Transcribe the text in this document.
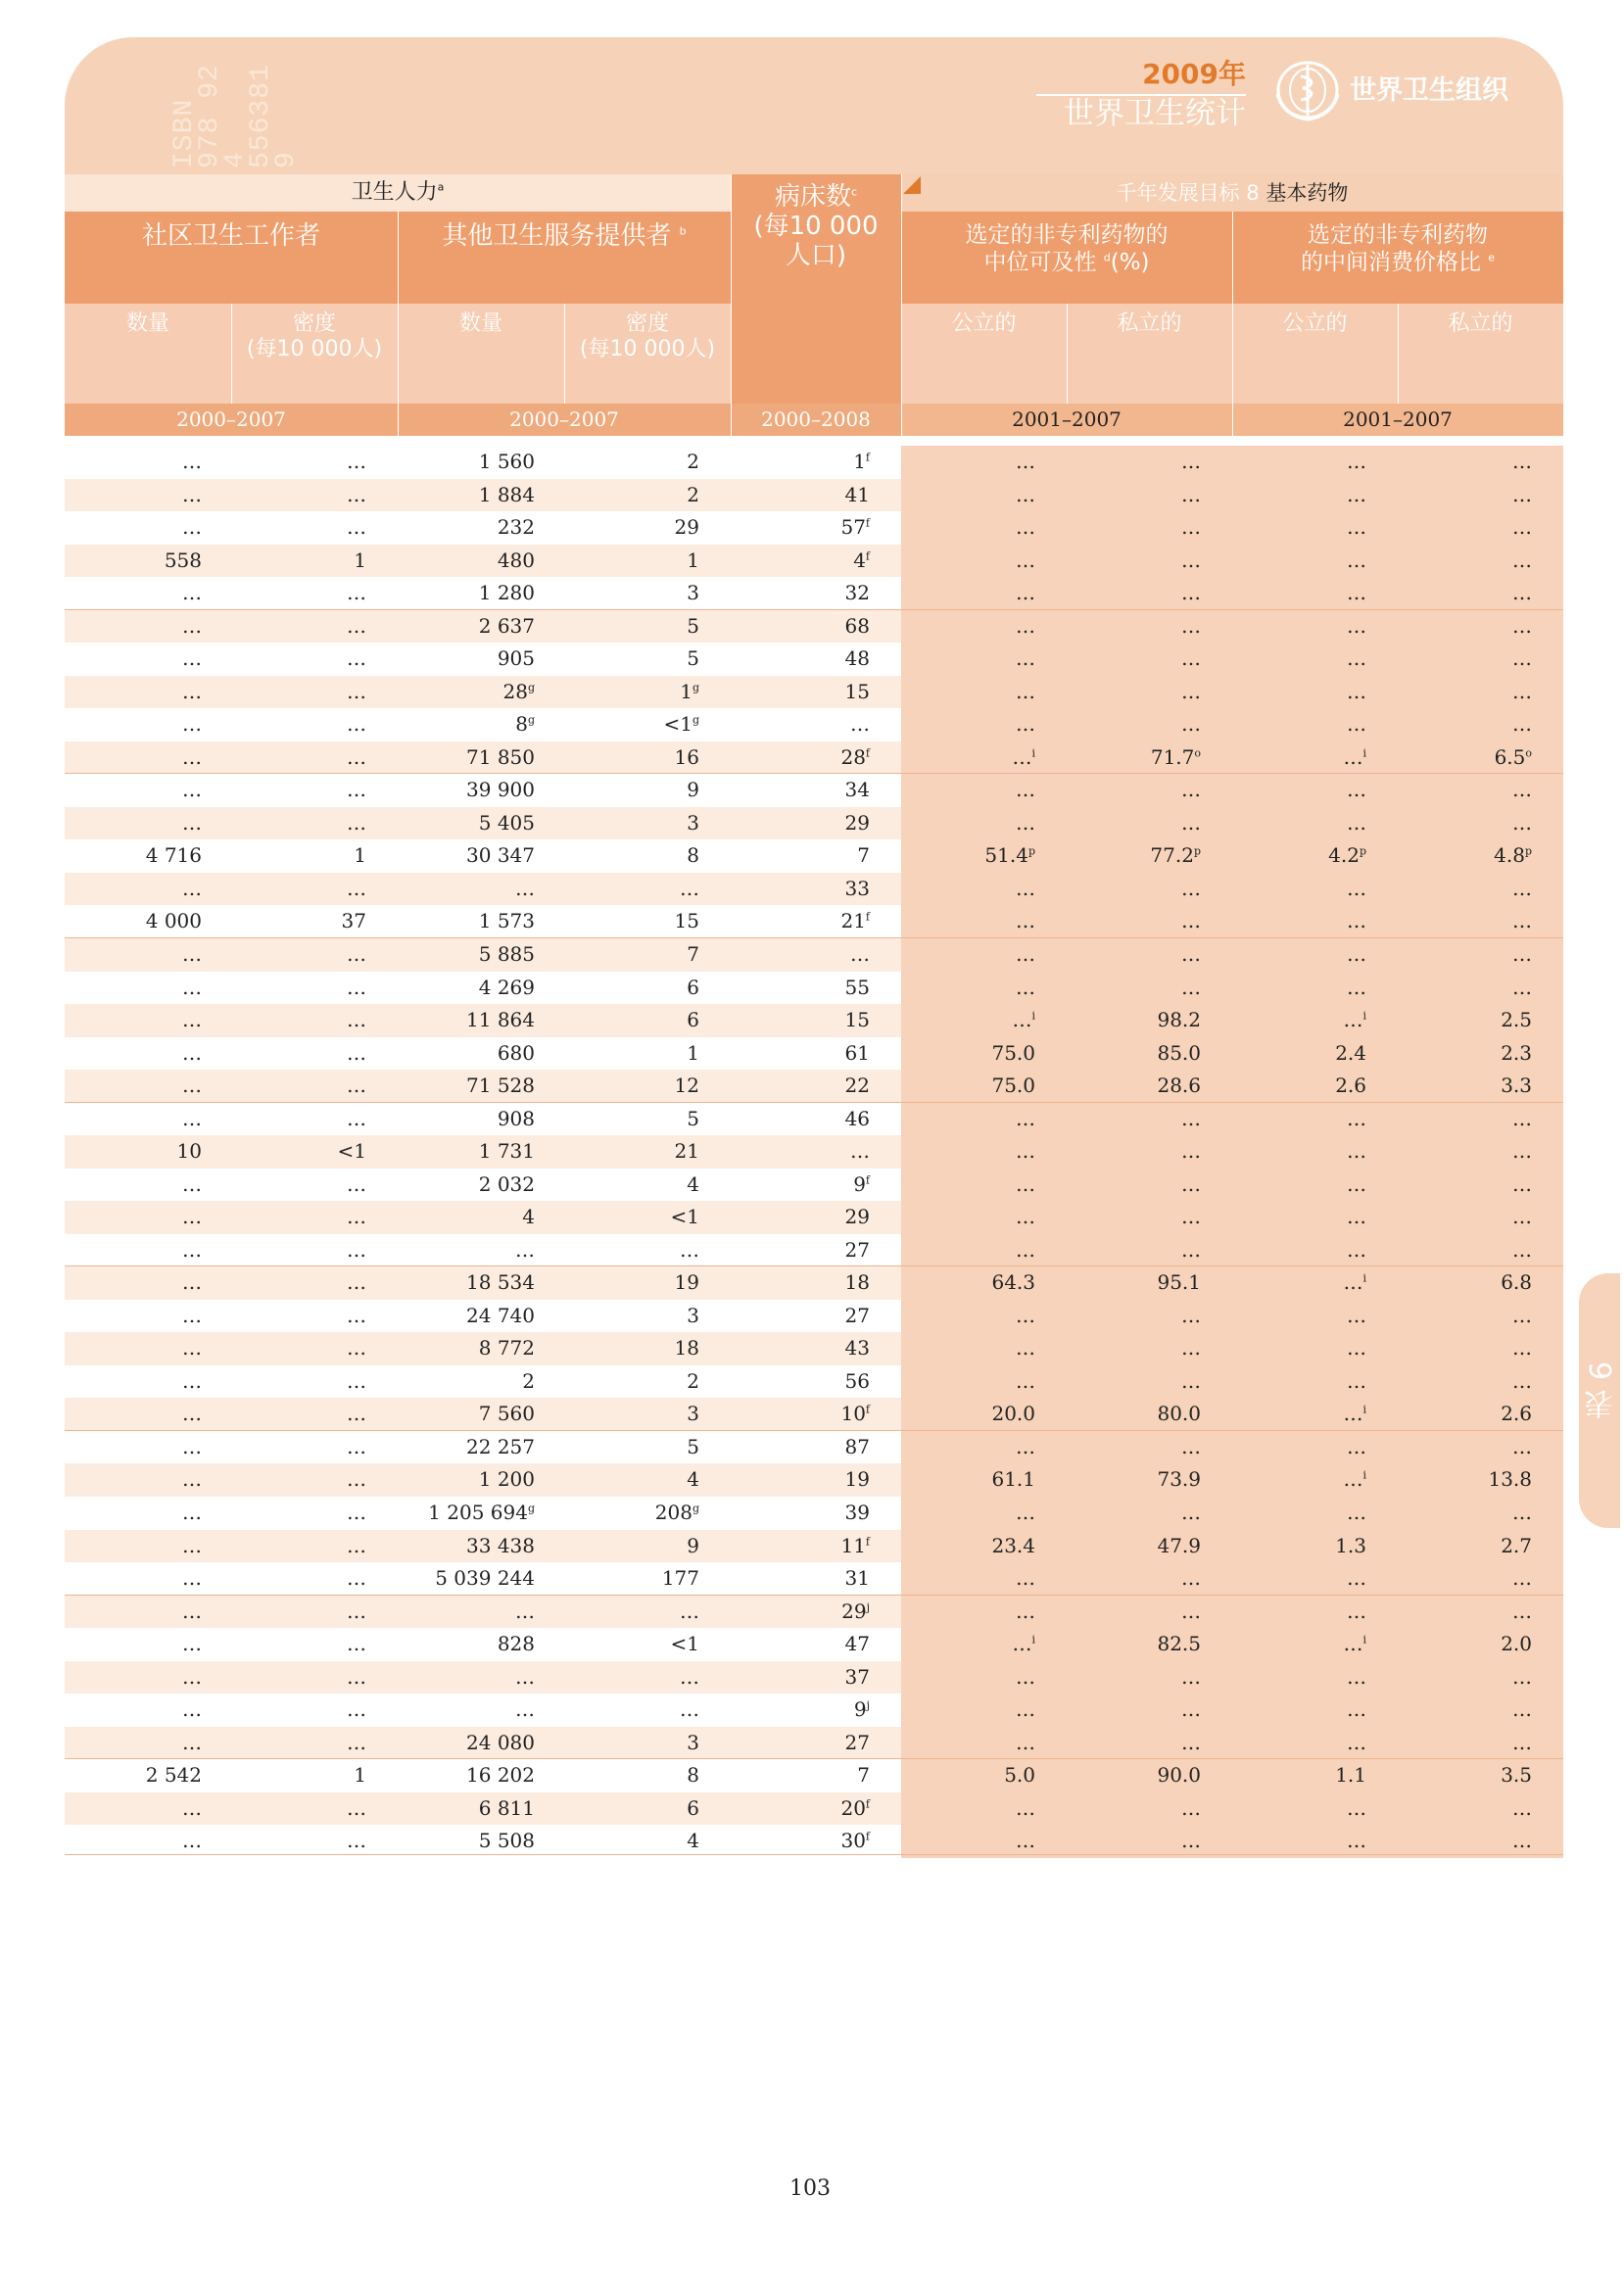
ISBN 978 92 4 556381 9
2009年
世界卫生统计
世界卫生组织
卫生人力$^a$
社区卫生工作者	其他卫生服务提供者 $^b$
数量	密度
(每10 000人)
数量	密度
(每10 000人)
病床数$^c$
(每10 000
人口)
千年发展目标 8 基本药物
选定的非专利药物的
中位可及性 $^d$(%)
选定的非专利药物
的中间消费价格比 $^e$
公立的	私立的	公立的	私立的
2000–2007	2000–2007	2000–2008	2001–2007	2001–2007
…	…	1 560	2	1$^f$	…	…	…	…
…	…	1 884	2	41	…	…	…	…
…	…	232	29	57$^f$	…	…	…	…
558	1	480	1	4$^f$	…	…	…	…
…	…	1 280	3	32	…	…	…	…
…	…	2 637	5	68	…	…	…	…
…	…	905	5	48	…	…	…	…
…	…	28$^g$	1$^g$	15	…	…	…	…
…	…	$8^g$	$<1^g$	…	…	…	…	…
…	…	71 850	16	28$^f$	…$^i$	71.7$^o$	…$^i$	6.5$^o$
…	…	39 900	9	34	…	…	…	…
…	…	5 405	3	29	…	…	…	…
4 716	1	30 347	8	7	51.4$^p$	77.2$^p$	4.2$^p$	4.8$^p$
…	…	…	…	33	…	…	…	…
4 000	37	1 573	15	21$^f$	…	…	…	…
…	…	5 885	7	…	…	…	…	…
…	…	4 269	6	55	…	…	…	…
…	…	11 864	6	15	…$^i$	98.2	…$^i$	2.5
…	…	680	1	61	75.0	85.0	2.4	2.3
…	…	71 528	12	22	75.0	28.6	2.6	3.3
…	…	908	5	46	…	…	…	…
10	<1	1 731	21	…	…	…	…	…
…	…	2 032	4	9$^f$	…	…	…	…
…	…	4	<1	29	…	…	…	…
…	…	…	…	27	…	…	…	…
…	…	18 534	19	18	64.3	95.1	…$^i$	6.8
…	…	24 740	3	27	…	…	…	…
…	…	8 772	18	43	…	…	…	…
…	…	2	2	56	…	…	…	…
…	…	7 560	3	10$^f$	20.0	80.0	…$^i$	2.6
…	…	22 257	5	87	…	…	…	…
…	…	1 200	4	19	61.1	73.9	…$^i$	13.8
…	…	1 205 694$^g$	208$^g$	39	…	…	…	…
…	…	33 438	9	11$^f$	23.4	47.9	1.3	2.7
…	…	5 039 244	177	31	…	…	…	…
…	…	…	…	29$^j$	…	…	…	…
…	…	828	<1	47	…$^i$	82.5	…$^i$	2.0
…	…	…	…	37	…	…	…	…
…	…	…	…	9$^j$	…	…	…	…
…	…	24 080	3	27	…	…	…	…
2 542	1	16 202	8	7	5.0	90.0	1.1	3.5
…	…	6 811	6	20$^f$	…	…	…	…
…	…	5 508	4	30$^f$	…	…	…	…
表 6
103
